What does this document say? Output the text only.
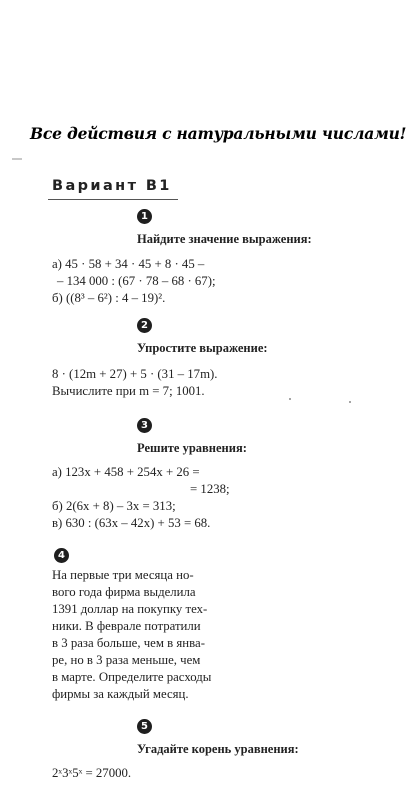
Все действия с натуральными числами!
Вариант В1
1
Найдите значение выражения:
а) 45 · 58 + 34 · 45 + 8 · 45 –
– 134 000 : (67 · 78 – 68 · 67);
б) ((8³ – 6²) : 4 – 19)².
2
Упростите выражение:
8 · (12m + 27) + 5 · (31 – 17m).
Вычислите при m = 7; 1001.
3
Решите уравнения:
а) 123x + 458 + 254x + 26 =
= 1238;
б) 2(6x + 8) – 3x = 313;
в) 630 : (63x – 42x) + 53 = 68.
4
На первые три месяца но-
вого года фирма выделила
1391 доллар на покупку тех-
ники. В феврале потратили
в 3 раза больше, чем в янва-
ре, но в 3 раза меньше, чем
в марте. Определите расходы
фирмы за каждый месяц.
5
Угадайте корень уравнения:
2ˣ3ˣ5ˣ = 27000.
